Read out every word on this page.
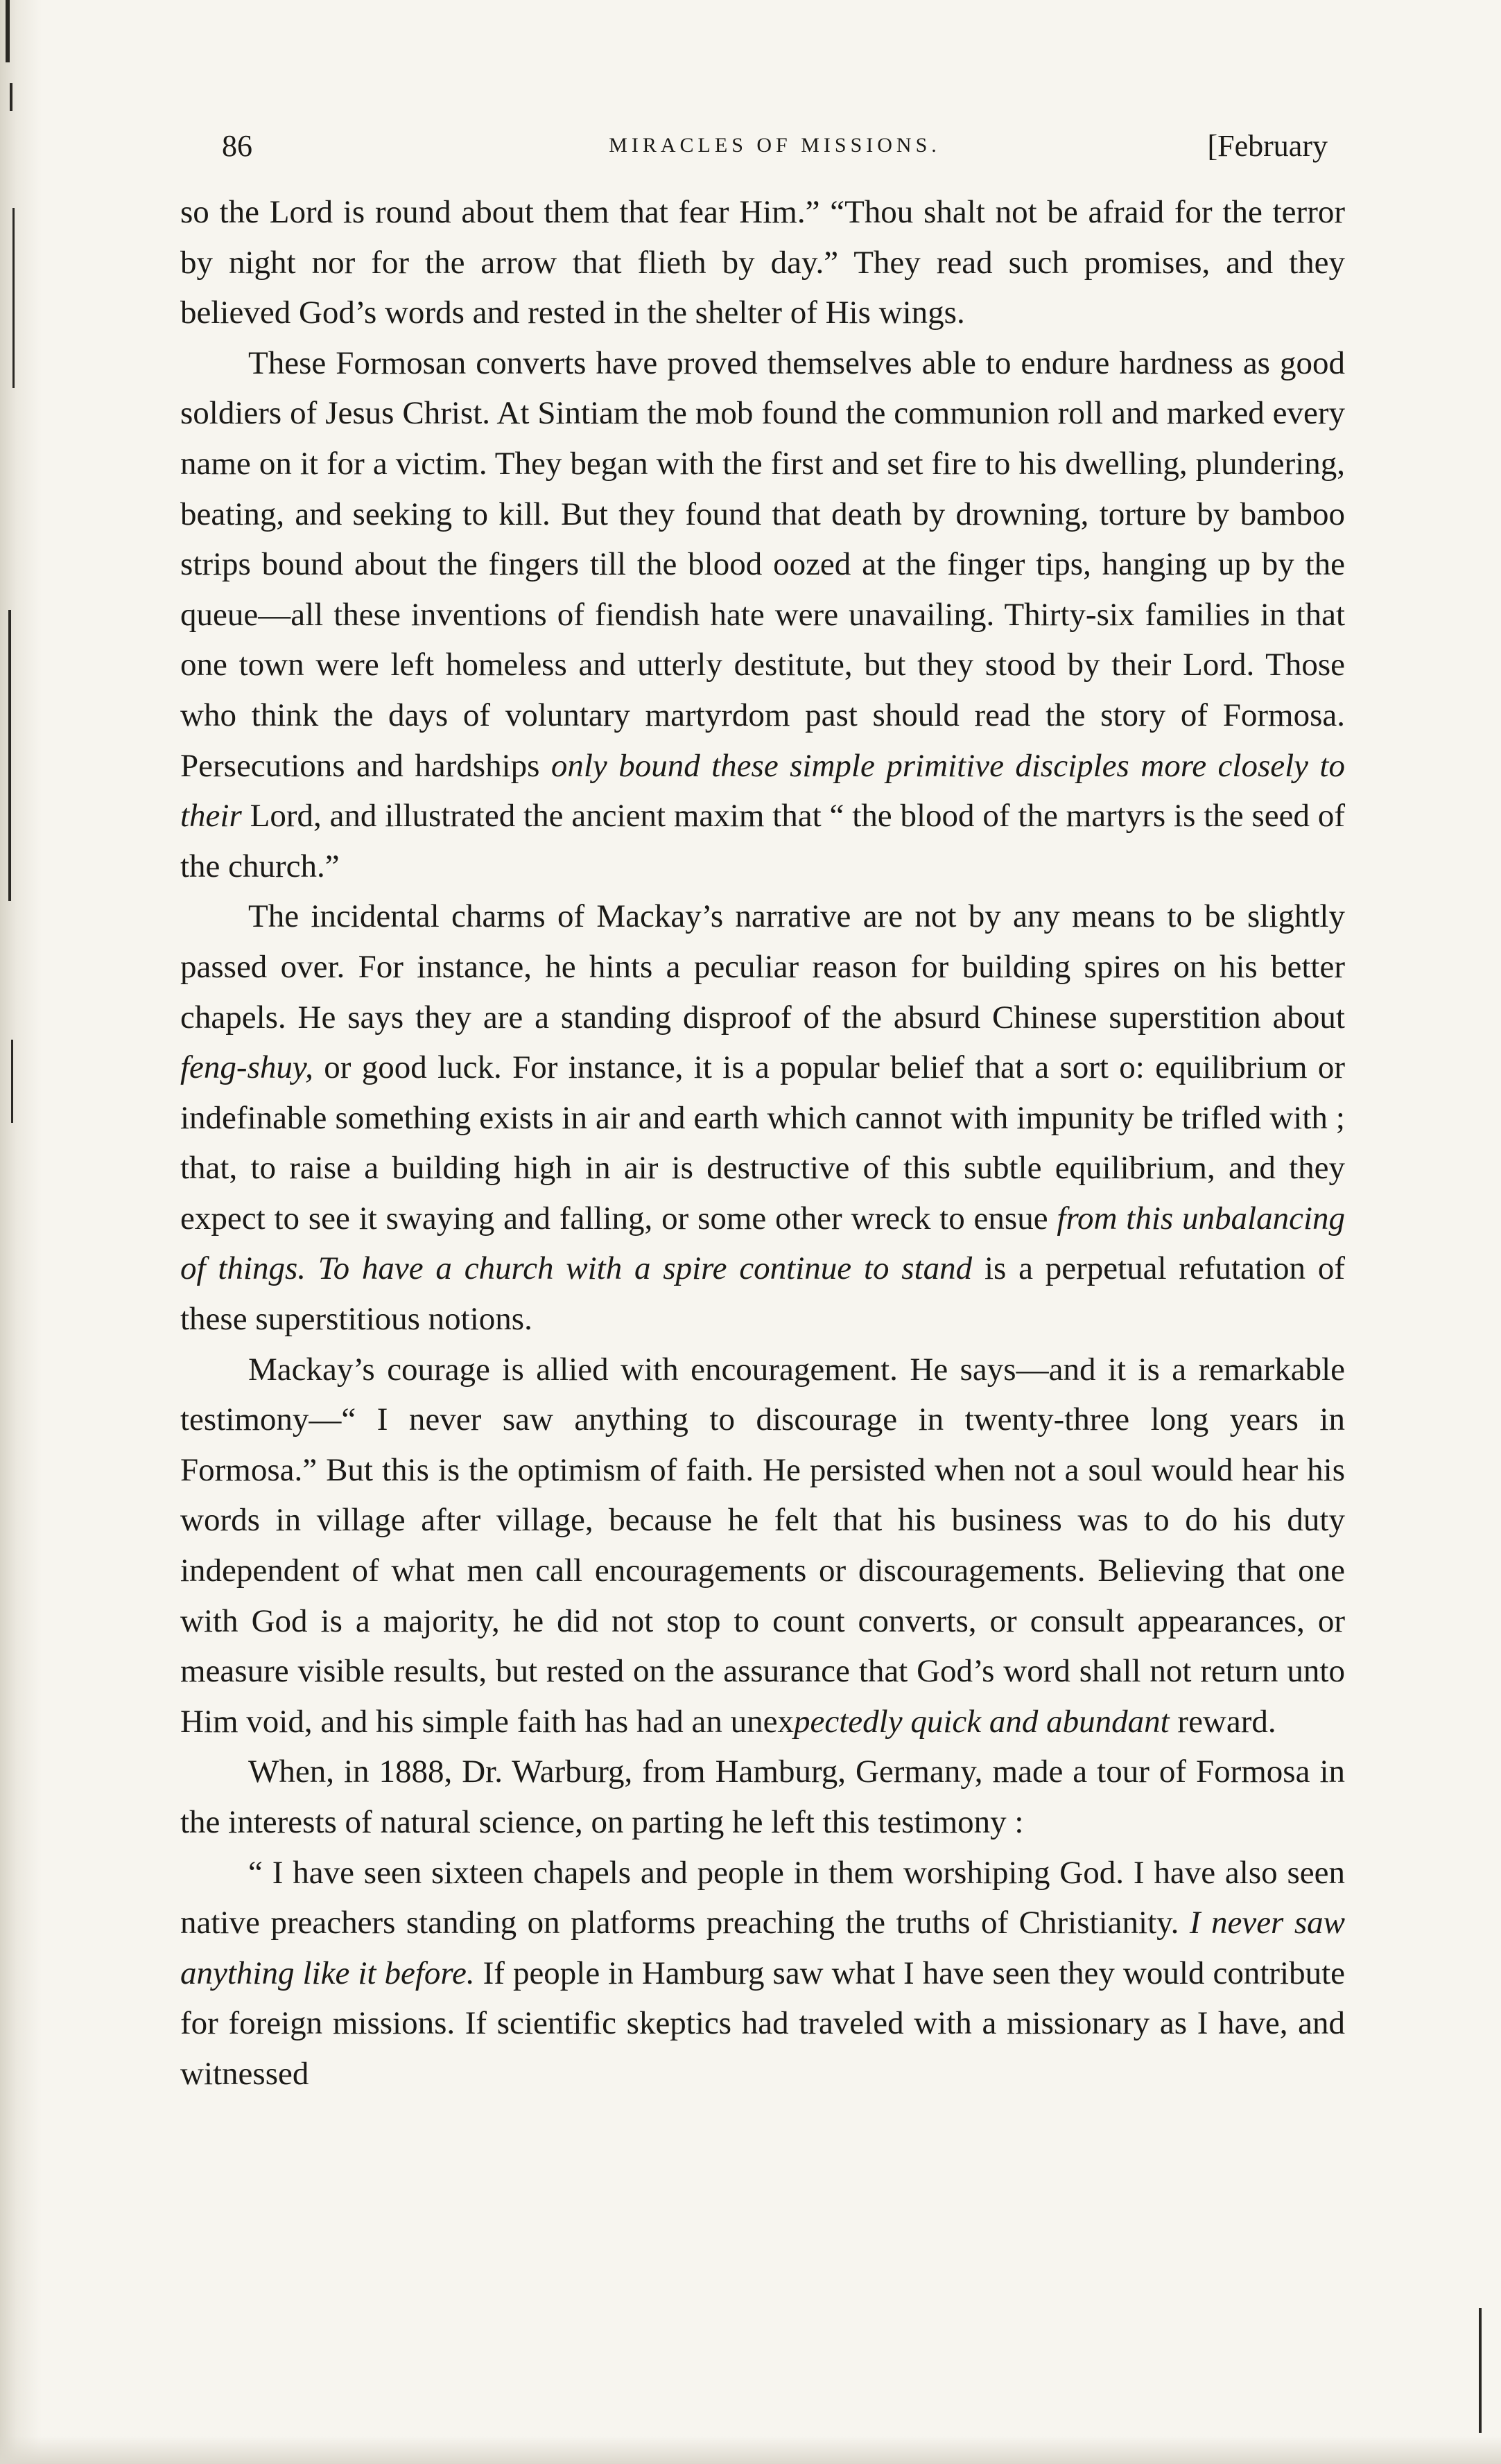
86	MIRACLES OF MISSIONS.	[February

so the Lord is round about them that fear Him.” “Thou shalt not be afraid for the terror by night nor for the arrow that flieth by day.” They read such promises, and they believed God’s words and rested in the shelter of His wings.

These Formosan converts have proved themselves able to endure hardness as good soldiers of Jesus Christ. At Sintiam the mob found the communion roll and marked every name on it for a victim. They began with the first and set fire to his dwelling, plundering, beating, and seeking to kill. But they found that death by drowning, torture by bamboo strips bound about the fingers till the blood oozed at the finger tips, hanging up by the queue—all these inventions of fiendish hate were unavailing. Thirty-six families in that one town were left homeless and utterly destitute, but they stood by their Lord. Those who think the days of voluntary martyrdom past should read the story of Formosa. Persecutions and hardships only bound these simple primitive disciples more closely to their Lord, and illustrated the ancient maxim that “ the blood of the martyrs is the seed of the church.”

The incidental charms of Mackay’s narrative are not by any means to be slightly passed over. For instance, he hints a peculiar reason for building spires on his better chapels. He says they are a standing disproof of the absurd Chinese superstition about feng-shuy, or good luck. For instance, it is a popular belief that a sort o: equilibrium or indefinable something exists in air and earth which cannot with impunity be trifled with ; that, to raise a building high in air is destructive of this subtle equilibrium, and they expect to see it swaying and falling, or some other wreck to ensue from this unbalancing of things. To have a church with a spire continue to stand is a perpetual refutation of these superstitious notions.

Mackay’s courage is allied with encouragement. He says—and it is a remarkable testimony—“ I never saw anything to discourage in twenty-three long years in Formosa.” But this is the optimism of faith. He persisted when not a soul would hear his words in village after village, because he felt that his business was to do his duty independent of what men call encouragements or discouragements. Believing that one with God is a majority, he did not stop to count converts, or consult appearances, or measure visible results, but rested on the assurance that God’s word shall not return unto Him void, and his simple faith has had an unexpectedly quick and abundant reward.

When, in 1888, Dr. Warburg, from Hamburg, Germany, made a tour of Formosa in the interests of natural science, on parting he left this testimony :

“ I have seen sixteen chapels and people in them worshiping God. I have also seen native preachers standing on platforms preaching the truths of Christianity. I never saw anything like it before. If people in Hamburg saw what I have seen they would contribute for foreign missions. If scientific skeptics had traveled with a missionary as I have, and witnessed
